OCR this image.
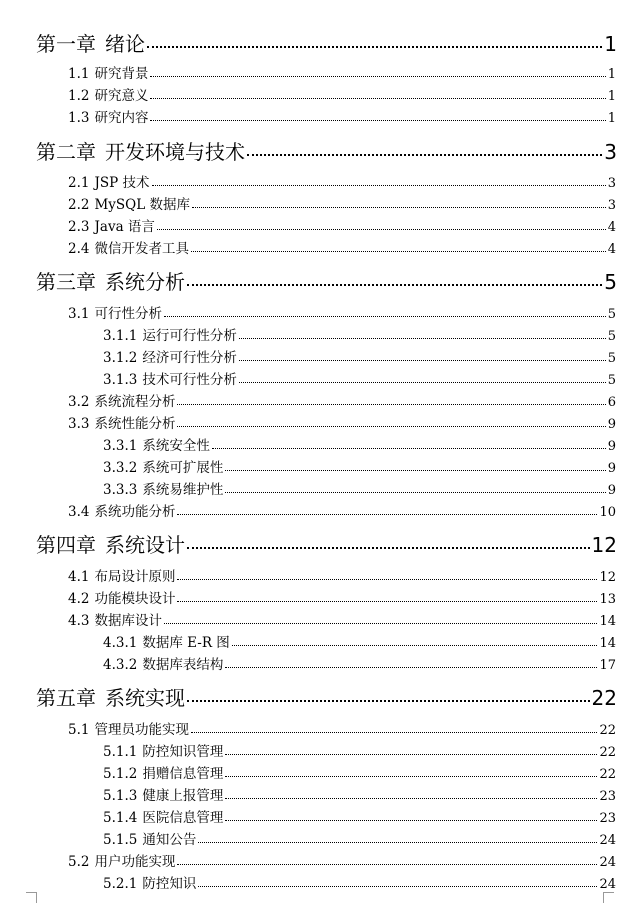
第一章 绪论	1
1.1 研究背景	1
1.2 研究意义	1
1.3 研究内容	1
第二章 开发环境与技术	3
2.1 JSP 技术	3
2.2 MySQL 数据库	3
2.3 Java 语言	4
2.4 微信开发者工具	4
第三章 系统分析	5
3.1 可行性分析	5
3.1.1 运行可行性分析	5
3.1.2 经济可行性分析	5
3.1.3 技术可行性分析	5
3.2 系统流程分析	6
3.3 系统性能分析	9
3.3.1 系统安全性	9
3.3.2 系统可扩展性	9
3.3.3 系统易维护性	9
3.4 系统功能分析	10
第四章 系统设计	12
4.1 布局设计原则	12
4.2 功能模块设计	13
4.3 数据库设计	14
4.3.1 数据库 E-R 图	14
4.3.2 数据库表结构	17
第五章 系统实现	22
5.1 管理员功能实现	22
5.1.1 防控知识管理	22
5.1.2 捐赠信息管理	22
5.1.3 健康上报管理	23
5.1.4 医院信息管理	23
5.1.5 通知公告	24
5.2 用户功能实现	24
5.2.1 防控知识	24
